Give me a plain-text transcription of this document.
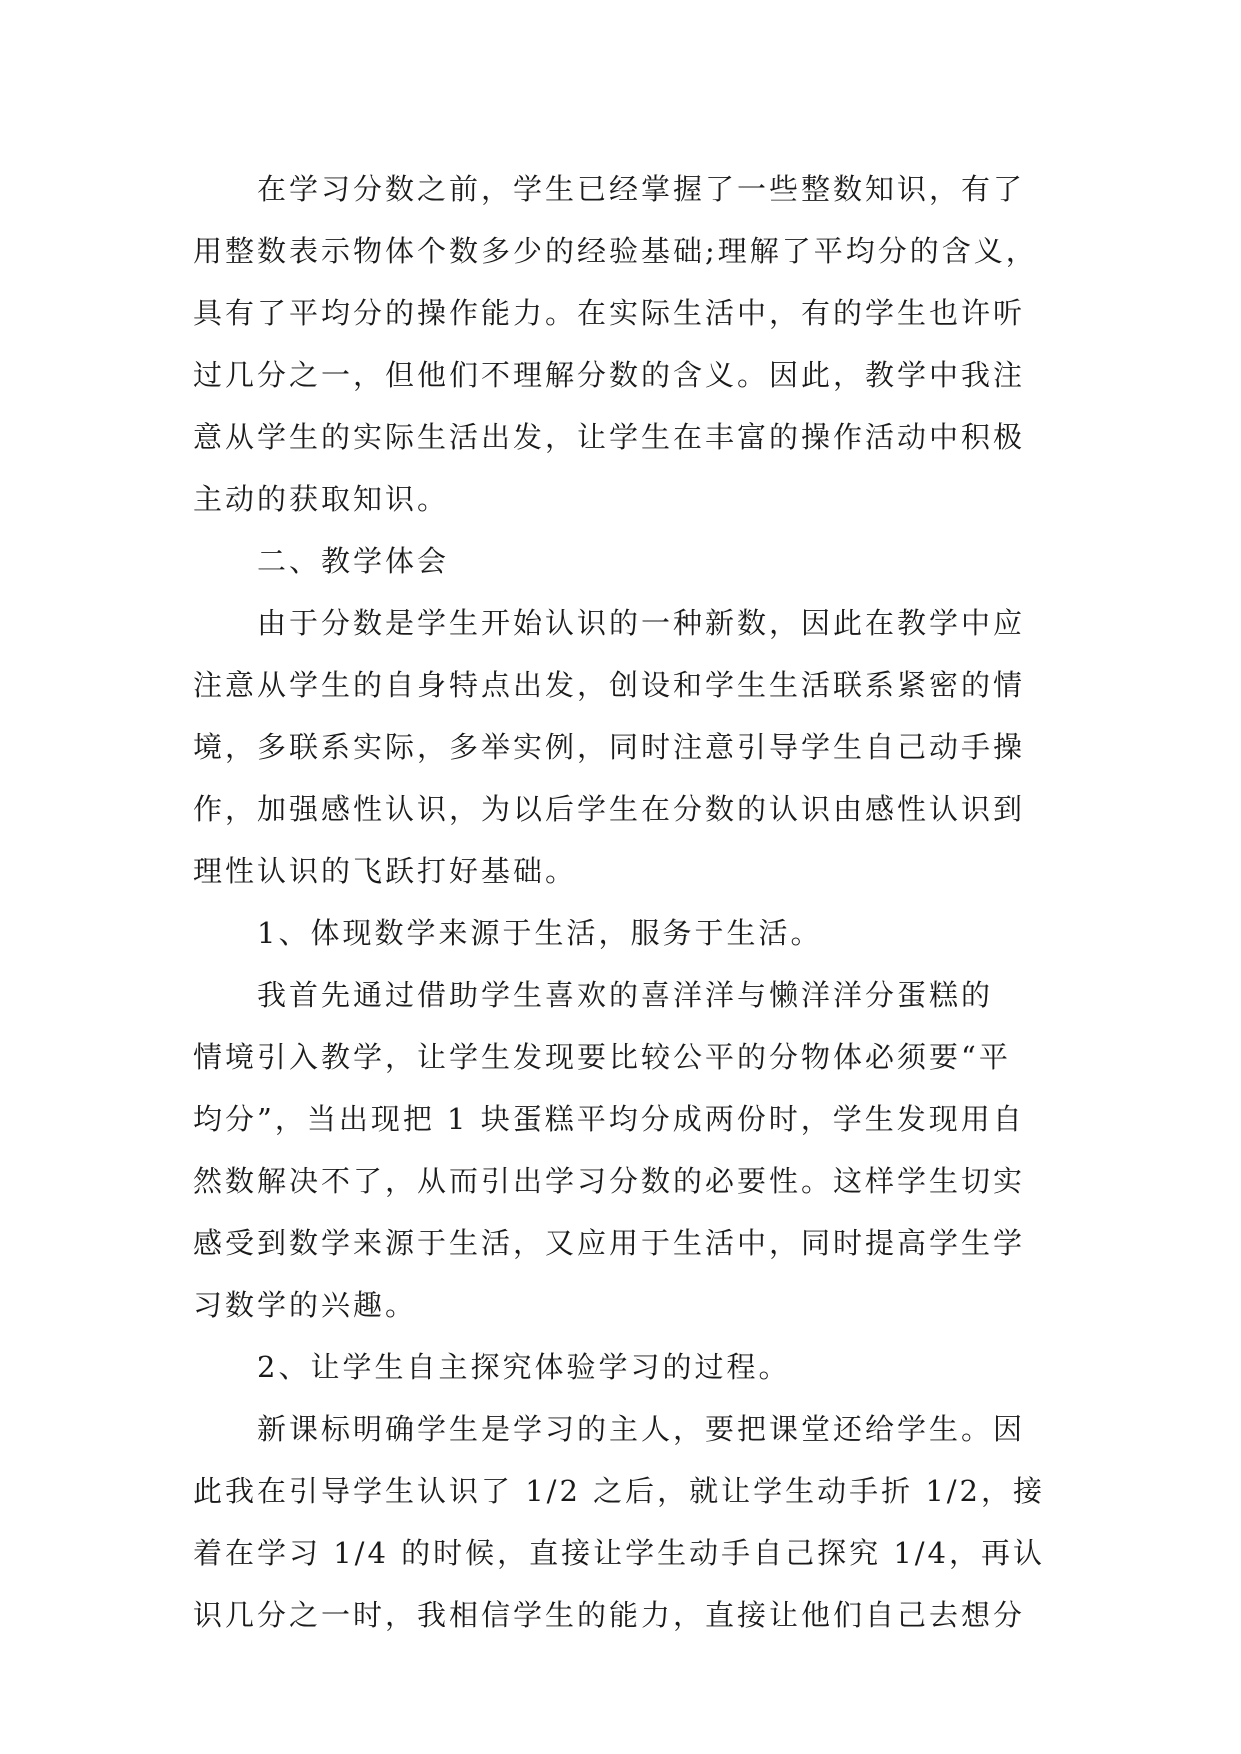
在学习分数之前，学生已经掌握了一些整数知识，有了
用整数表示物体个数多少的经验基础;理解了平均分的含义，
具有了平均分的操作能力。在实际生活中，有的学生也许听
过几分之一，但他们不理解分数的含义。因此，教学中我注
意从学生的实际生活出发，让学生在丰富的操作活动中积极
主动的获取知识。
二、教学体会
由于分数是学生开始认识的一种新数，因此在教学中应
注意从学生的自身特点出发，创设和学生生活联系紧密的情
境，多联系实际，多举实例，同时注意引导学生自己动手操
作，加强感性认识，为以后学生在分数的认识由感性认识到
理性认识的飞跃打好基础。
1、体现数学来源于生活，服务于生活。
我首先通过借助学生喜欢的喜洋洋与懒洋洋分蛋糕的
情境引入教学，让学生发现要比较公平的分物体必须要“平
均分”，当出现把 1 块蛋糕平均分成两份时，学生发现用自
然数解决不了，从而引出学习分数的必要性。这样学生切实
感受到数学来源于生活，又应用于生活中，同时提高学生学
习数学的兴趣。
2、让学生自主探究体验学习的过程。
新课标明确学生是学习的主人，要把课堂还给学生。因
此我在引导学生认识了 1/2 之后，就让学生动手折 1/2，接
着在学习 1/4 的时候，直接让学生动手自己探究 1/4，再认
识几分之一时，我相信学生的能力，直接让他们自己去想分
